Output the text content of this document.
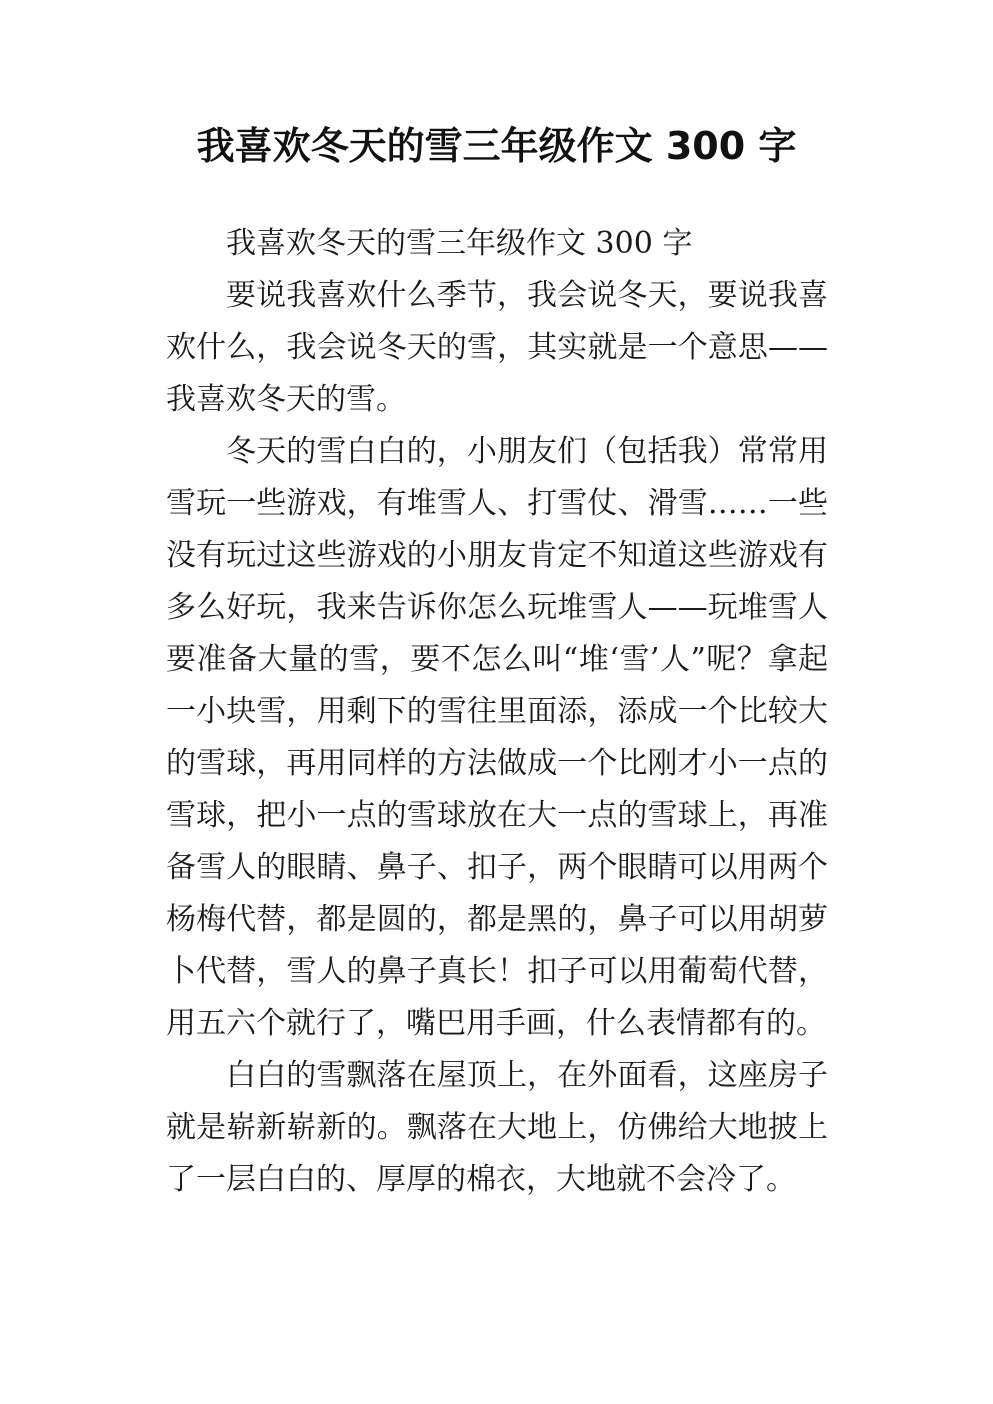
我喜欢冬天的雪三年级作文 300 字

我喜欢冬天的雪三年级作文 300 字

要说我喜欢什么季节，我会说冬天，要说我喜欢什么，我会说冬天的雪，其实就是一个意思——我喜欢冬天的雪。

冬天的雪白白的，小朋友们（包括我）常常用雪玩一些游戏，有堆雪人、打雪仗、滑雪……一些没有玩过这些游戏的小朋友肯定不知道这些游戏有多么好玩，我来告诉你怎么玩堆雪人——玩堆雪人要准备大量的雪，要不怎么叫“堆‘雪’人”呢？拿起一小块雪，用剩下的雪往里面添，添成一个比较大的雪球，再用同样的方法做成一个比刚才小一点的雪球，把小一点的雪球放在大一点的雪球上，再准备雪人的眼睛、鼻子、扣子，两个眼睛可以用两个杨梅代替，都是圆的，都是黑的，鼻子可以用胡萝卜代替，雪人的鼻子真长！扣子可以用葡萄代替，用五六个就行了，嘴巴用手画，什么表情都有的。

白白的雪飘落在屋顶上，在外面看，这座房子就是崭新崭新的。飘落在大地上，仿佛给大地披上了一层白白的、厚厚的棉衣，大地就不会冷了。
